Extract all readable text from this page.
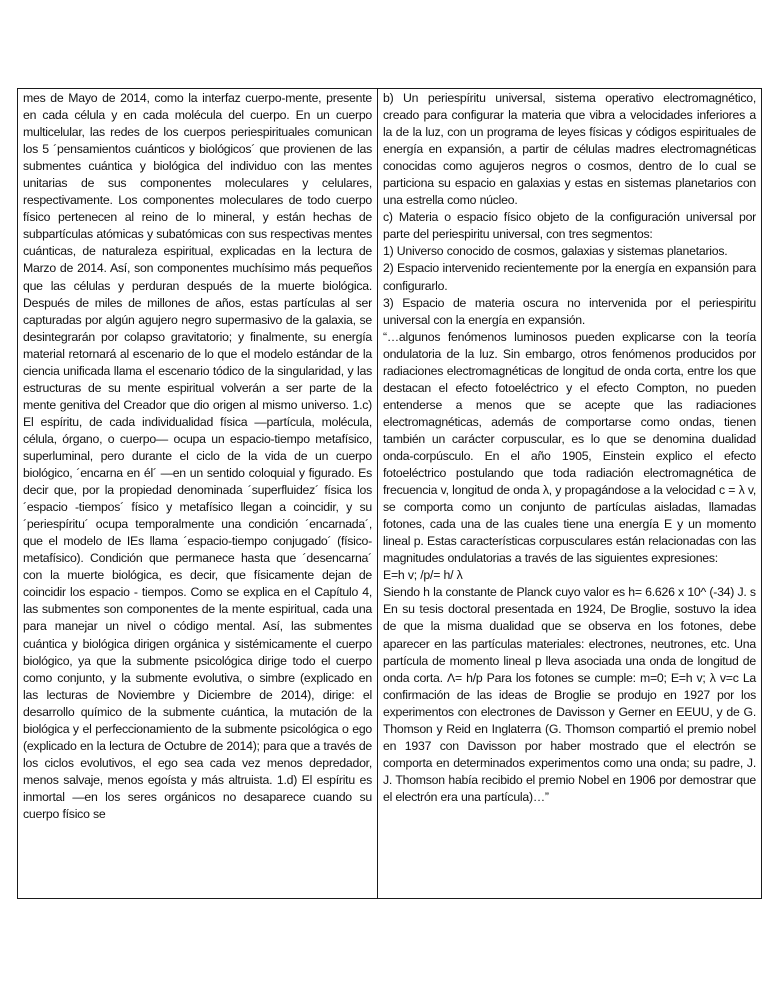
mes de Mayo de 2014, como la interfaz cuerpo-mente, presente en cada célula y en cada molécula del cuerpo. En un cuerpo multicelular, las redes de los cuerpos periespirituales comunican los 5 ´pensamientos cuánticos y biológicos´ que provienen de las submentes cuántica y biológica del individuo con las mentes unitarias de sus componentes moleculares y celulares, respectivamente. Los componentes moleculares de todo cuerpo físico pertenecen al reino de lo mineral, y están hechas de subpartículas atómicas y subatómicas con sus respectivas mentes cuánticas, de naturaleza espiritual, explicadas en la lectura de Marzo de 2014. Así, son componentes muchísimo más pequeños que las células y perduran después de la muerte biológica. Después de miles de millones de años, estas partículas al ser capturadas por algún agujero negro supermasivo de la galaxia, se desintegrarán por colapso gravitatorio; y finalmente, su energía material retornará al escenario de lo que el modelo estándar de la ciencia unificada llama el escenario tódico de la singularidad, y las estructuras de su mente espiritual volverán a ser parte de la mente genitiva del Creador que dio origen al mismo universo. 1.c) El espíritu, de cada individualidad física —partícula, molécula, célula, órgano, o cuerpo— ocupa un espacio-tiempo metafísico, superluminal, pero durante el ciclo de la vida de un cuerpo biológico, ´encarna en él´ —en un sentido coloquial y figurado. Es decir que, por la propiedad denominada ´superfluidez´ física los ´espacio -tiempos´ físico y metafísico llegan a coincidir, y su ´periespíritu´ ocupa temporalmente una condición ´encarnada´, que el modelo de IEs llama ´espacio-tiempo conjugado´ (físico-metafísico). Condición que permanece hasta que ´desencarna´ con la muerte biológica, es decir, que físicamente dejan de coincidir los espacio - tiempos. Como se explica en el Capítulo 4, las submentes son componentes de la mente espiritual, cada una para manejar un nivel o código mental. Así, las submentes cuántica y biológica dirigen orgánica y sistémicamente el cuerpo biológico, ya que la submente psicológica dirige todo el cuerpo como conjunto, y la submente evolutiva, o simbre (explicado en las lecturas de Noviembre y Diciembre de 2014), dirige: el desarrollo químico de la submente cuántica, la mutación de la biológica y el perfeccionamiento de la submente psicológica o ego (explicado en la lectura de Octubre de 2014); para que a través de los ciclos evolutivos, el ego sea cada vez menos depredador, menos salvaje, menos egoísta y más altruista. 1.d) El espíritu es inmortal —en los seres orgánicos no desaparece cuando su cuerpo físico se

b) Un periespíritu universal, sistema operativo electromagnético, creado para configurar la materia que vibra a velocidades inferiores a la de la luz, con un programa de leyes físicas y códigos espirituales de energía en expansión, a partir de células madres electromagnéticas conocidas como agujeros negros o cosmos, dentro de lo cual se particiona su espacio en galaxias y estas en sistemas planetarios con una estrella como núcleo.

c) Materia o espacio físico objeto de la configuración universal por parte del periespiritu universal, con tres segmentos:

1) Universo conocido de cosmos, galaxias y sistemas planetarios.

2) Espacio intervenido recientemente por la energía en expansión para configurarlo.

3) Espacio de materia oscura no intervenida por el periespiritu universal con la energía en expansión.

“…algunos fenómenos luminosos pueden explicarse con la teoría ondulatoria de la luz. Sin embargo, otros fenómenos producidos por radiaciones electromagnéticas de longitud de onda corta, entre los que destacan el efecto fotoeléctrico y el efecto Compton, no pueden entenderse a menos que se acepte que las radiaciones electromagnéticas, además de comportarse como ondas, tienen también un carácter corpuscular, es lo que se denomina dualidad onda-corpúsculo. En el año 1905, Einstein explico el efecto fotoeléctrico postulando que toda radiación electromagnética de frecuencia v, longitud de onda λ, y propagándose a la velocidad c = λ v, se comporta como un conjunto de partículas aisladas, llamadas fotones, cada una de las cuales tiene una energía E y un momento lineal p. Estas características corpusculares están relacionadas con las magnitudes ondulatorias a través de las siguientes expresiones:

E=h v; /p/= h/ λ

Siendo h la constante de Planck cuyo valor es h= 6.626 x 10^ (-34) J. s

En su tesis doctoral presentada en 1924, De Broglie, sostuvo la idea de que la misma dualidad que se observa en los fotones, debe aparecer en las partículas materiales: electrones, neutrones, etc. Una partícula de momento lineal p lleva asociada una onda de longitud de onda corta. Λ= h/p Para los fotones se cumple: m=0; E=h v; λ v=c La confirmación de las ideas de Broglie se produjo en 1927 por los experimentos con electrones de Davisson y Gerner en EEUU, y de G. Thomson y Reid en Inglaterra (G. Thomson compartió el premio nobel en 1937 con Davisson por haber mostrado que el electrón se comporta en determinados experimentos como una onda; su padre, J. J. Thomson había recibido el premio Nobel en 1906 por demostrar que el electrón era una partícula)…”
